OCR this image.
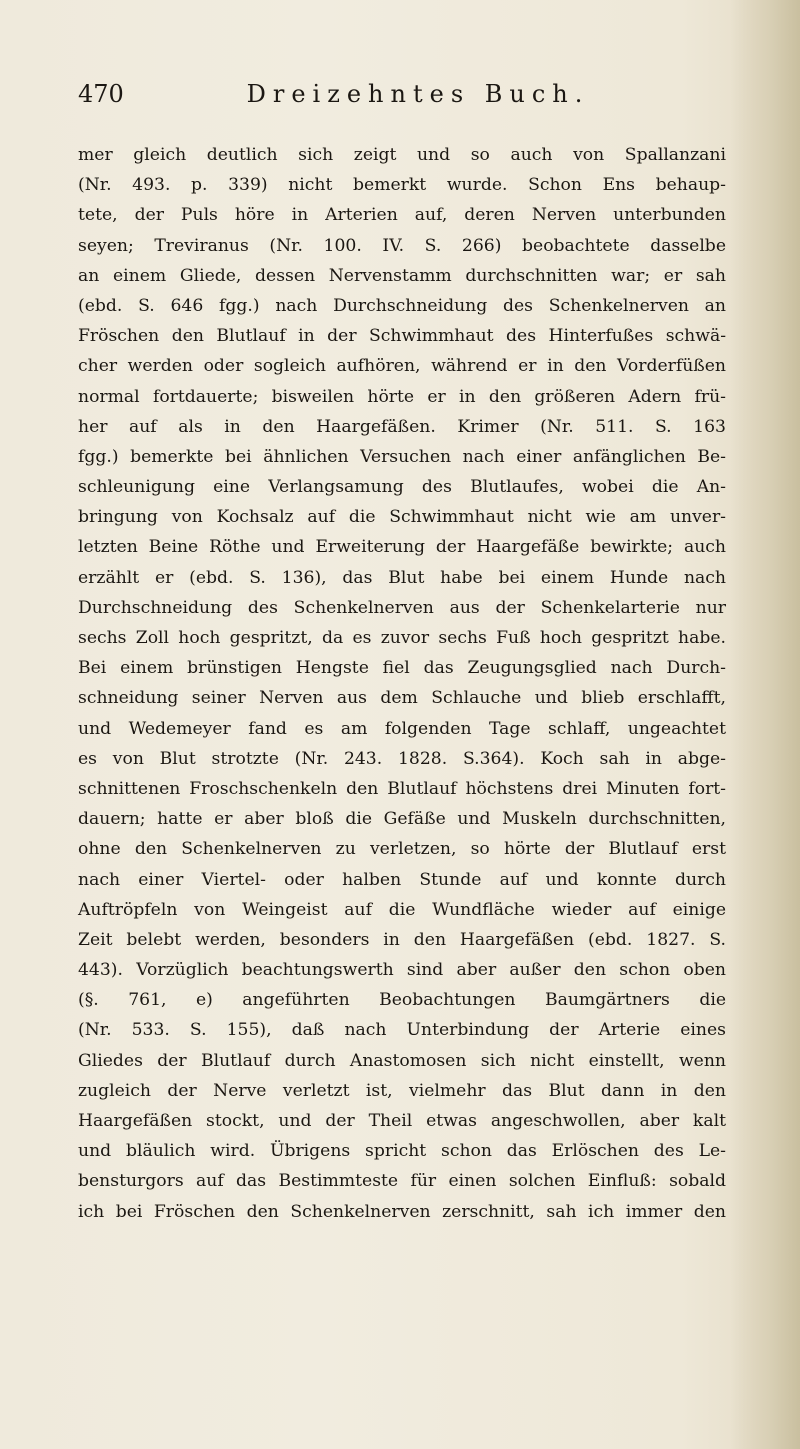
470	Dreizehntes Buch.
mer gleich deutlich sich zeigt und so auch von Spallanzani
(Nr. 493. p. 339) nicht bemerkt wurde. Schon Ens behaup-
tete, der Puls höre in Arterien auf, deren Nerven unterbunden
seyen; Treviranus (Nr. 100. IV. S. 266) beobachtete dasselbe
an einem Gliede, dessen Nervenstamm durchschnitten war; er sah
(ebd. S. 646 fgg.) nach Durchschneidung des Schenkelnerven an
Fröschen den Blutlauf in der Schwimmhaut des Hinterfußes schwä-
cher werden oder sogleich aufhören, während er in den Vorderfüßen
normal fortdauerte; bisweilen hörte er in den größeren Adern frü-
her auf als in den Haargefäßen. Krimer (Nr. 511. S. 163
fgg.) bemerkte bei ähnlichen Versuchen nach einer anfänglichen Be-
schleunigung eine Verlangsamung des Blutlaufes, wobei die An-
bringung von Kochsalz auf die Schwimmhaut nicht wie am unver-
letzten Beine Röthe und Erweiterung der Haargefäße bewirkte; auch
erzählt er (ebd. S. 136), das Blut habe bei einem Hunde nach
Durchschneidung des Schenkelnerven aus der Schenkelarterie nur
sechs Zoll hoch gespritzt, da es zuvor sechs Fuß hoch gespritzt habe.
Bei einem brünstigen Hengste fiel das Zeugungsglied nach Durch-
schneidung seiner Nerven aus dem Schlauche und blieb erschlafft,
und Wedemeyer fand es am folgenden Tage schlaff, ungeachtet
es von Blut strotzte (Nr. 243. 1828. S.364). Koch sah in abge-
schnittenen Froschschenkeln den Blutlauf höchstens drei Minuten fort-
dauern; hatte er aber bloß die Gefäße und Muskeln durchschnitten,
ohne den Schenkelnerven zu verletzen, so hörte der Blutlauf erst
nach einer Viertel- oder halben Stunde auf und konnte durch
Auftröpfeln von Weingeist auf die Wundfläche wieder auf einige
Zeit belebt werden, besonders in den Haargefäßen (ebd. 1827. S.
443). Vorzüglich beachtungswerth sind aber außer den schon oben
(§. 761, e) angeführten Beobachtungen Baumgärtners die
(Nr. 533. S. 155), daß nach Unterbindung der Arterie eines
Gliedes der Blutlauf durch Anastomosen sich nicht einstellt, wenn
zugleich der Nerve verletzt ist, vielmehr das Blut dann in den
Haargefäßen stockt, und der Theil etwas angeschwollen, aber kalt
und bläulich wird. Übrigens spricht schon das Erlöschen des Le-
bensturgors auf das Bestimmteste für einen solchen Einfluß: sobald
ich bei Fröschen den Schenkelnerven zerschnitt, sah ich immer den
